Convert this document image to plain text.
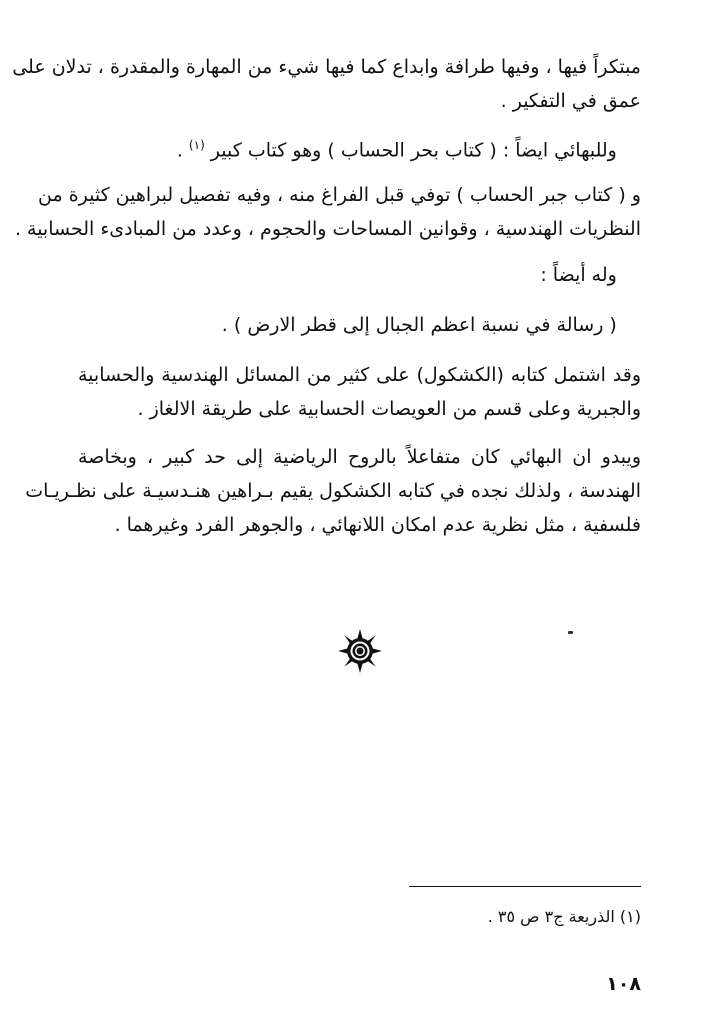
مبتكراً فيها ، وفيها طرافة وابداع كما فيها شيء من المهارة والمقدرة ، تدلان على
عمق في التفكير .
وللبهائي ايضاً : ( كتاب بحر الحساب ) وهو كتاب كبير $^{(١)}$ .
و ( كتاب جبر الحساب ) توفي قبل الفراغ منه ، وفيه تفصيل لبراهين كثيرة من
النظريات الهندسية ، وقوانين المساحات والحجوم ، وعدد من المبادىء الحسابية .
وله أيضاً :
( رسالة في نسبة اعظم الجبال إلى قطر الارض ) .
وقد اشتمل كتابه (الكشكول) على كثير من المسائل الهندسية والحسابية
والجبرية وعلى قسم من العويصات الحسابية على طريقة الالغاز .
ويبدو ان البهائي كان متفاعلاً بالروح الرياضية إلى حد كبير ، وبخاصة
الهندسة ، ولذلك نجده في كتابه الكشكول يقيم بـراهين هنـدسيـة على نظـريـات
فلسفية ، مثل نظرية عدم امكان اللانهائي ، والجوهر الفرد وغيرهما .
(١) الذريعة ج٣ ص ٣٥ .
١٠٨
